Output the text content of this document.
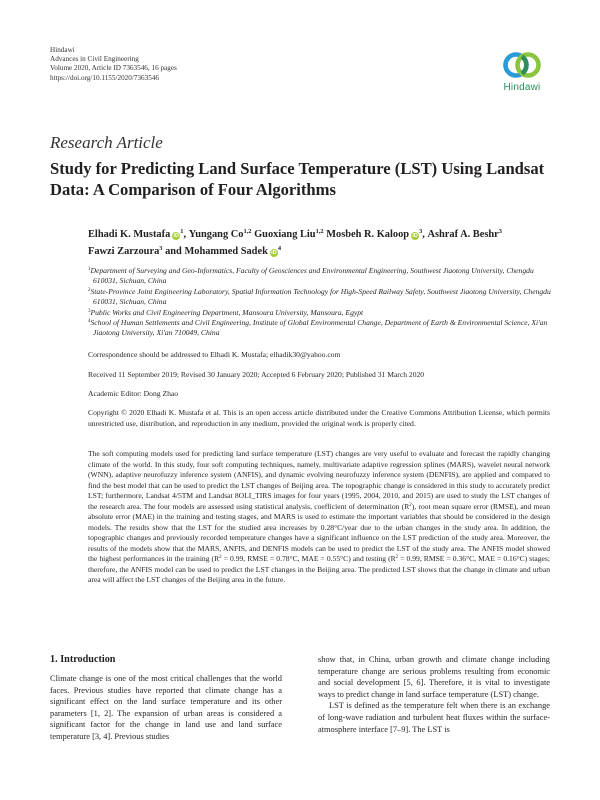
Hindawi
Advances in Civil Engineering
Volume 2020, Article ID 7363546, 16 pages
https://doi.org/10.1155/2020/7363546
Hindawi
Research Article
Study for Predicting Land Surface Temperature (LST) Using Landsat Data: A Comparison of Four Algorithms
Elhadi K. Mustafa $iD^1$, Yungang Co$^{1,2}$ Guoxiang Liu$^{1,2}$ Mosbeh R. Kaloop $iD^3$, Ashraf A. Beshr$^3$ Fawzi Zarzoura$^3$ and Mohammed Sadek $iD^4$
$^1$Department of Surveying and Geo-Informatics, Faculty of Geosciences and Environmental Engineering, Southwest Jiaotong University, Chengdu 610031, Sichuan, China
$^2$State-Province Joint Engineering Laboratory, Spatial Information Technology for High-Speed Railway Safety, Southwest Jiaotong University, Chengdu 610031, Sichuan, China
$^3$Public Works and Civil Engineering Department, Mansoura University, Mansoura, Egypt
$^4$School of Human Settlements and Civil Engineering, Institute of Global Environmental Change, Department of Earth & Environmental Science, Xi'an Jiaotong University, Xi'an 710049, China
Correspondence should be addressed to Elhadi K. Mustafa; elhadik30@yahoo.com
Received 11 September 2019; Revised 30 January 2020; Accepted 6 February 2020; Published 31 March 2020
Academic Editor: Dong Zhao
Copyright © 2020 Elhadi K. Mustafa et al. This is an open access article distributed under the Creative Commons Attribution License, which permits unrestricted use, distribution, and reproduction in any medium, provided the original work is properly cited.
The soft computing models used for predicting land surface temperature (LST) changes are very useful to evaluate and forecast the rapidly changing climate of the world. In this study, four soft computing techniques, namely, multivariate adaptive regression splines (MARS), wavelet neural network (WNN), adaptive neurofuzzy inference system (ANFIS), and dynamic evolving neurofuzzy inference system (DENFIS), are applied and compared to find the best model that can be used to predict the LST changes of Beijing area. The topographic change is considered in this study to accurately predict LST; furthermore, Landsat 4/5TM and Landsat 8OLI_TIRS images for four years (1995, 2004, 2010, and 2015) are used to study the LST changes of the research area. The four models are assessed using statistical analysis, coefficient of determination $(R^2)$, root mean square error (RMSE), and mean absolute error (MAE) in the training and testing stages, and MARS is used to estimate the important variables that should be considered in the design models. The results show that the LST for the studied area increases by 0.28°C/year due to the urban changes in the study area. In addition, the topographic changes and previously recorded temperature changes have a significant influence on the LST prediction of the study area. Moreover, the results of the models show that the MARS, ANFIS, and DENFIS models can be used to predict the LST of the study area. The ANFIS model showed the highest performances in the training ($R^2 = 0.99$, RMSE = 0.78°C, MAE = 0.55°C) and testing ($R^2 = 0.99$, RMSE = 0.36°C, MAE = 0.16°C) stages; therefore, the ANFIS model can be used to predict the LST changes in the Beijing area. The predicted LST shows that the change in climate and urban area will affect the LST changes of the Beijing area in the future.
1. Introduction

Climate change is one of the most critical challenges that the world faces. Previous studies have reported that climate change has a significant effect on the land surface temperature and its other parameters [1, 2]. The expansion of urban areas is considered a significant factor for the change in land use and land surface temperature [3, 4]. Previous studies

show that, in China, urban growth and climate change including temperature change are serious problems resulting from economic and social development [5, 6]. Therefore, it is vital to investigate ways to predict change in land surface temperature (LST) change.

LST is defined as the temperature felt when there is an exchange of long-wave radiation and turbulent heat fluxes within the surface-atmosphere interface [7–9]. The LST is
